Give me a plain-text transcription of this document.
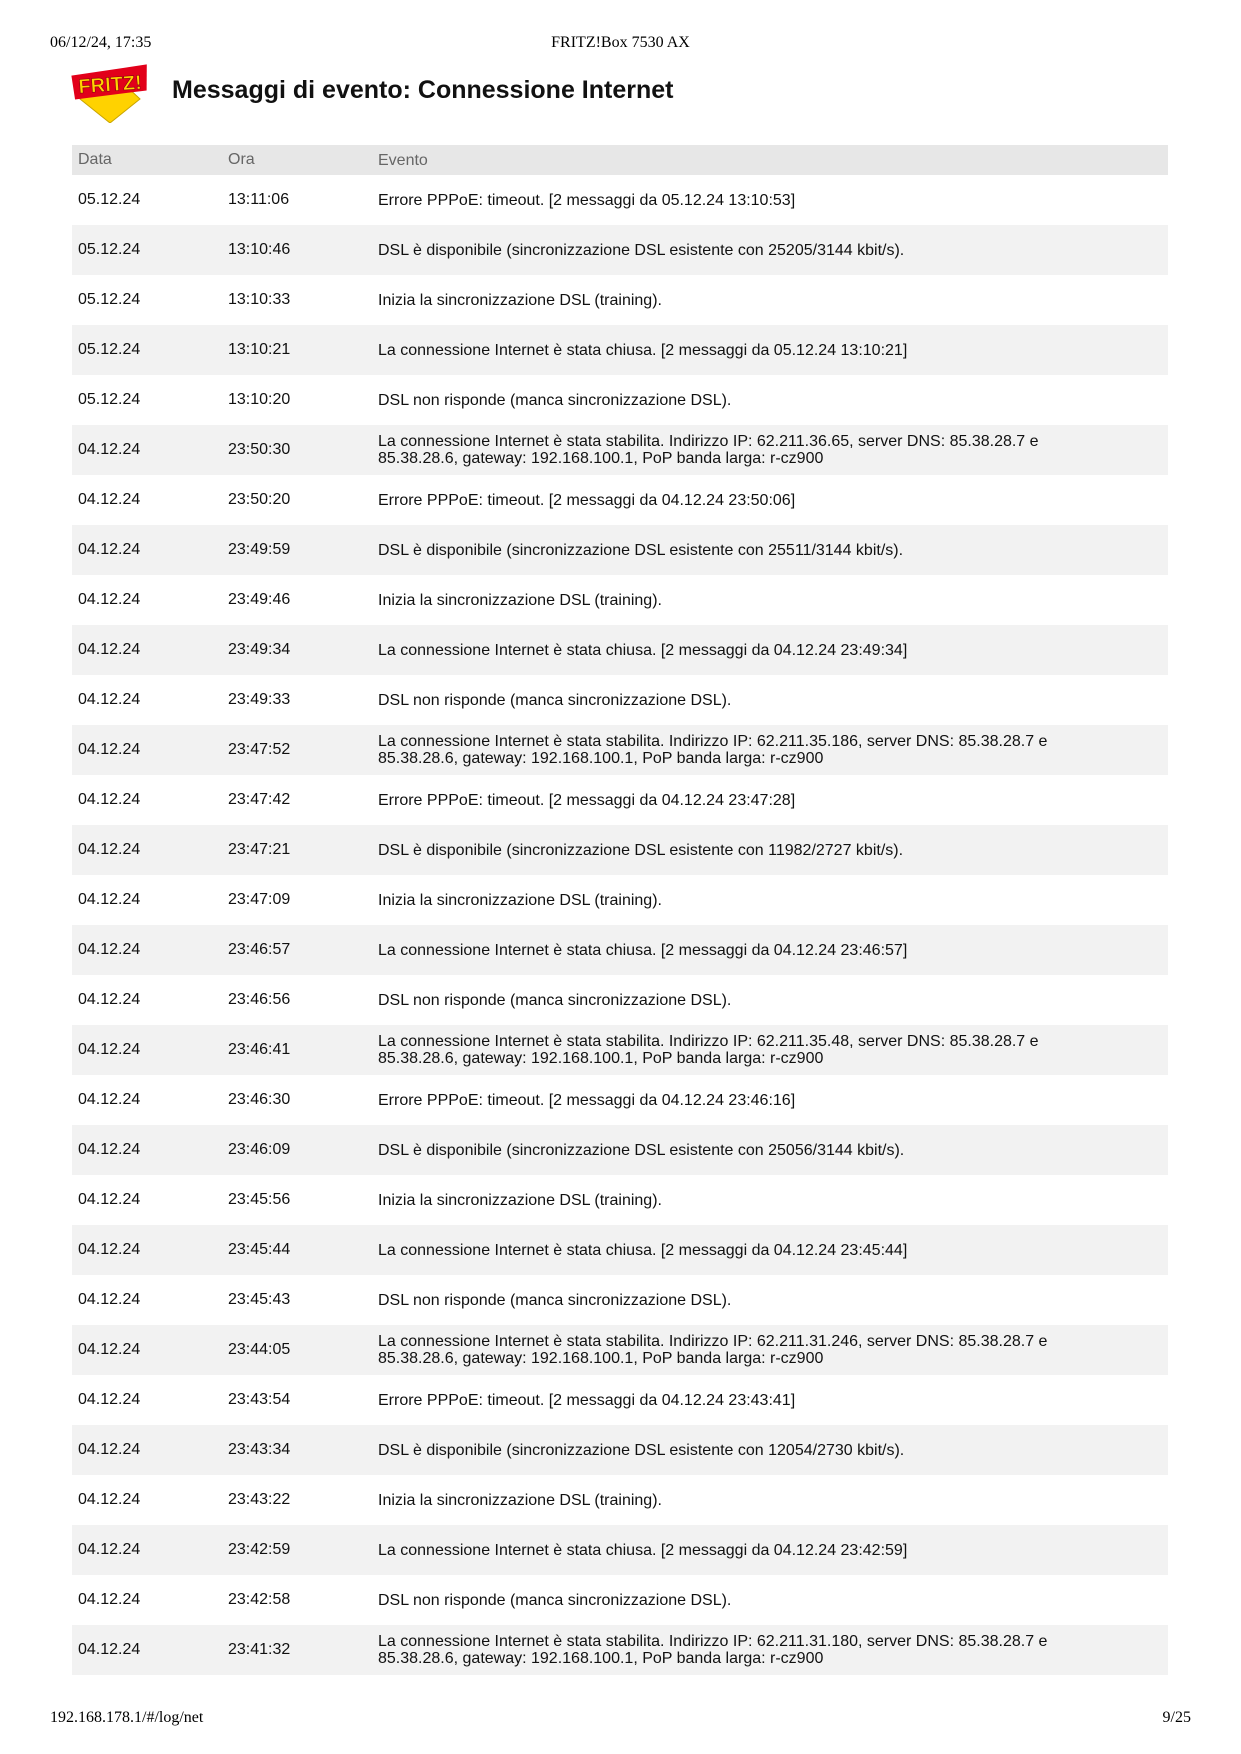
06/12/24, 17:35	FRITZ!Box 7530 AX
FRITZ! Messaggi di evento: Connessione Internet
Data	Ora	Evento
05.12.24	13:11:06	Errore PPPoE: timeout. [2 messaggi da 05.12.24 13:10:53]
05.12.24	13:10:46	DSL è disponibile (sincronizzazione DSL esistente con 25205/3144 kbit/s).
05.12.24	13:10:33	Inizia la sincronizzazione DSL (training).
05.12.24	13:10:21	La connessione Internet è stata chiusa. [2 messaggi da 05.12.24 13:10:21]
05.12.24	13:10:20	DSL non risponde (manca sincronizzazione DSL).
04.12.24	23:50:30	La connessione Internet è stata stabilita. Indirizzo IP: 62.211.36.65, server DNS: 85.38.28.7 e 85.38.28.6, gateway: 192.168.100.1, PoP banda larga: r-cz900
04.12.24	23:50:20	Errore PPPoE: timeout. [2 messaggi da 04.12.24 23:50:06]
04.12.24	23:49:59	DSL è disponibile (sincronizzazione DSL esistente con 25511/3144 kbit/s).
04.12.24	23:49:46	Inizia la sincronizzazione DSL (training).
04.12.24	23:49:34	La connessione Internet è stata chiusa. [2 messaggi da 04.12.24 23:49:34]
04.12.24	23:49:33	DSL non risponde (manca sincronizzazione DSL).
04.12.24	23:47:52	La connessione Internet è stata stabilita. Indirizzo IP: 62.211.35.186, server DNS: 85.38.28.7 e 85.38.28.6, gateway: 192.168.100.1, PoP banda larga: r-cz900
04.12.24	23:47:42	Errore PPPoE: timeout. [2 messaggi da 04.12.24 23:47:28]
04.12.24	23:47:21	DSL è disponibile (sincronizzazione DSL esistente con 11982/2727 kbit/s).
04.12.24	23:47:09	Inizia la sincronizzazione DSL (training).
04.12.24	23:46:57	La connessione Internet è stata chiusa. [2 messaggi da 04.12.24 23:46:57]
04.12.24	23:46:56	DSL non risponde (manca sincronizzazione DSL).
04.12.24	23:46:41	La connessione Internet è stata stabilita. Indirizzo IP: 62.211.35.48, server DNS: 85.38.28.7 e 85.38.28.6, gateway: 192.168.100.1, PoP banda larga: r-cz900
04.12.24	23:46:30	Errore PPPoE: timeout. [2 messaggi da 04.12.24 23:46:16]
04.12.24	23:46:09	DSL è disponibile (sincronizzazione DSL esistente con 25056/3144 kbit/s).
04.12.24	23:45:56	Inizia la sincronizzazione DSL (training).
04.12.24	23:45:44	La connessione Internet è stata chiusa. [2 messaggi da 04.12.24 23:45:44]
04.12.24	23:45:43	DSL non risponde (manca sincronizzazione DSL).
04.12.24	23:44:05	La connessione Internet è stata stabilita. Indirizzo IP: 62.211.31.246, server DNS: 85.38.28.7 e 85.38.28.6, gateway: 192.168.100.1, PoP banda larga: r-cz900
04.12.24	23:43:54	Errore PPPoE: timeout. [2 messaggi da 04.12.24 23:43:41]
04.12.24	23:43:34	DSL è disponibile (sincronizzazione DSL esistente con 12054/2730 kbit/s).
04.12.24	23:43:22	Inizia la sincronizzazione DSL (training).
04.12.24	23:42:59	La connessione Internet è stata chiusa. [2 messaggi da 04.12.24 23:42:59]
04.12.24	23:42:58	DSL non risponde (manca sincronizzazione DSL).
04.12.24	23:41:32	La connessione Internet è stata stabilita. Indirizzo IP: 62.211.31.180, server DNS: 85.38.28.7 e 85.38.28.6, gateway: 192.168.100.1, PoP banda larga: r-cz900
192.168.178.1/#/log/net	9/25
